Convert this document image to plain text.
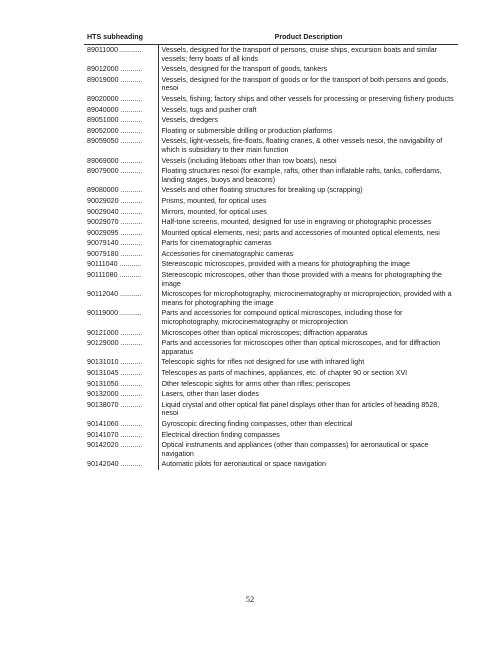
HTS subheading	Product Description
89011000 ...........	Vessels, designed for the transport of persons, cruise ships, excursion boats and similar vessels; ferry boats of all kinds
89012000 ...........	Vessels, designed for the transport of goods, tankers
89019000 ...........	Vessels, designed for the transport of goods or for the transport of both persons and goods, nesoi
89020000 ...........	Vessels, fishing; factory ships and other vessels for processing or preserving fishery products
89040000 ...........	Vessels, tugs and pusher craft
89051000 ...........	Vessels, dredgers
89052000 ...........	Floating or submersible drilling or production platforms
89059050 ...........	Vessels, light-vessels, fire-floats, floating cranes, & other vessels nesoi, the navigability of which is subsidiary to their main function
89069000 ...........	Vessels (including lifeboats other than row boats), nesoi
89079000 ...........	Floating structures nesoi (for example, rafts, other than inflatable rafts, tanks, cofferdams, landing stages, buoys and beacons)
89080000 ...........	Vessels and other floating structures for breaking up (scrapping)
90029020 ...........	Prisms, mounted, for optical uses
90029040 ...........	Mirrors, mounted, for optical uses
90029070 ...........	Half-tone screens, mounted, designed for use in engraving or photographic processes
90029095 ...........	Mounted optical elements, nesi; parts and accessories of mounted optical elements, nesi
90079140 ...........	Parts for cinematographic cameras
90079180 ...........	Accessories for cinematographic cameras
90111040 ...........	Stereoscopic microscopes, provided with a means for photographing the image
90111080 ...........	Stereoscopic microscopes, other than those provided with a means for photographing the image
90112040 ...........	Microscopes for microphotography, microcinematography or microprojection, provided with a means for photographing the image
90119000 ...........	Parts and accessories for compound optical microscopes, including those for microphotography, microcinematography or microprojection
90121000 ...........	Microscopes other than optical microscopes; diffraction apparatus
90129000 ...........	Parts and accessories for microscopes other than optical microscopes, and for diffraction apparatus
90131010 ...........	Telescopic sights for rifles not designed for use with infrared light
90131045 ...........	Telescopes as parts of machines, appliances, etc. of chapter 90 or section XVI
90131050 ...........	Other telescopic sights for arms other than rifles; periscopes
90132000 ...........	Lasers, other than laser diodes
90138070 ...........	Liquid crystal and other optical flat panel displays other than for articles of heading 8528, nesoi
90141060 ...........	Gyroscopic directing finding compasses, other than electrical
90141070 ...........	Electrical direction finding compasses
90142020 ...........	Optical instruments and appliances (other than compasses) for aeronautical or space navigation
90142040 ...........	Automatic pilots for aeronautical or space navigation
52
